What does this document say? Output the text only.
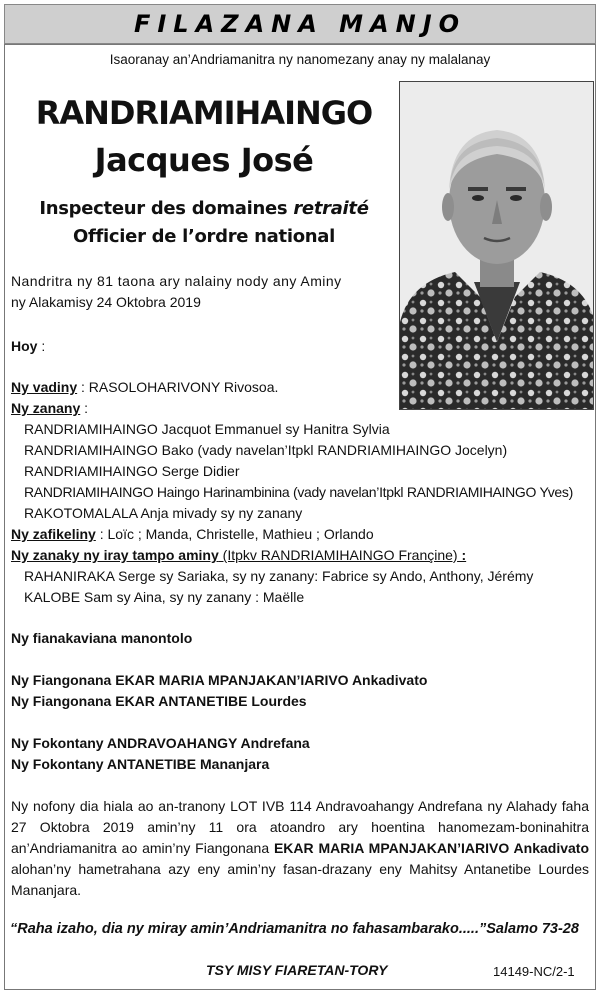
FILAZANA MANJO
Isaoranay an’Andriamanitra ny nanomezany anay ny malalanay
RANDRIAMIHAINGO
Jacques José
Inspecteur des domaines retraité
Officier de l’ordre national
Nandritra ny 81 taona ary nalainy nody any Aminy
ny Alakamisy 24 Oktobra 2019
Hoy :
Ny vadiny : RASOLOHARIVONY Rivosoa.
Ny zanany :
RANDRIAMIHAINGO Jacquot Emmanuel sy Hanitra Sylvia
RANDRIAMIHAINGO Bako (vady navelan’Itpkl RANDRIAMIHAINGO Jocelyn)
RANDRIAMIHAINGO Serge Didier
RANDRIAMIHAINGO Haingo Harinambinina (vady navelan’Itpkl RANDRIAMIHAINGO Yves)
RAKOTOMALALA Anja mivady sy ny zanany
Ny zafikeliny : Loïc ; Manda, Christelle, Mathieu ; Orlando
Ny zanaky ny iray tampo aminy (Itpkv RANDRIAMIHAINGO Françine) :
RAHANIRAKA Serge sy Sariaka, sy ny zanany: Fabrice sy Ando, Anthony, Jérémy
KALOBE Sam sy Aina, sy ny zanany : Maëlle
Ny fianakaviana manontolo
Ny Fiangonana EKAR MARIA MPANJAKAN’IARIVO Ankadivato
Ny Fiangonana EKAR ANTANETIBE Lourdes
Ny Fokontany ANDRAVOAHANGY Andrefana
Ny Fokontany ANTANETIBE Mananjara
Ny nofony dia hiala ao an-tranony LOT IVB 114 Andravoahangy Andrefana ny Alahady faha 27 Oktobra 2019 amin’ny 11 ora atoandro ary hoentina hanomezam-boninahitra an’Andriamanitra ao amin’ny Fiangonana EKAR MARIA MPANJAKAN’IARIVO Ankadivato alohan’ny hametrahana azy eny amin’ny fasan-drazany eny Mahitsy Antanetibe Lourdes Mananjara.
“Raha izaho, dia ny miray amin’Andriamanitra no fahasambarako.....”Salamo 73-28
TSY MISY FIARETAN-TORY	14149-NC/2-1
